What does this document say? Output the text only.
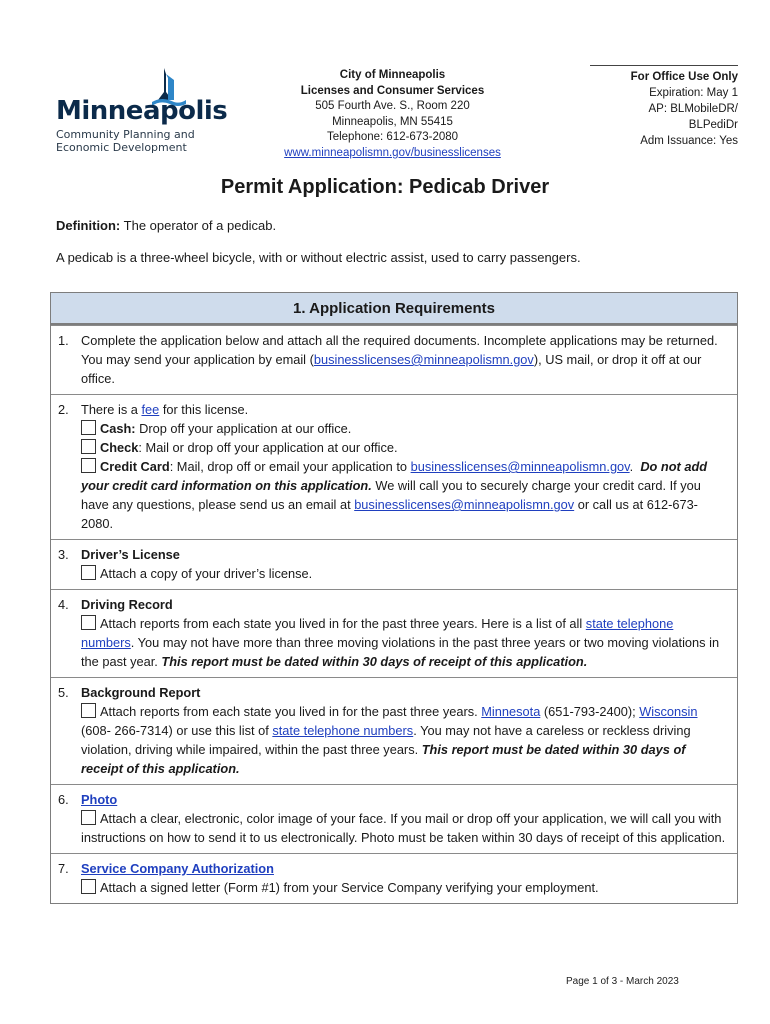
Minneapolis
Community Planning and
Economic Development
City of Minneapolis
Licenses and Consumer Services
505 Fourth Ave. S., Room 220
Minneapolis, MN 55415
Telephone: 612-673-2080
www.minneapolismn.gov/businesslicenses
For Office Use Only
Expiration: May 1
AP: BLMobileDR/
BLPediDr
Adm Issuance: Yes
Permit Application: Pedicab Driver
Definition: The operator of a pedicab.
A pedicab is a three-wheel bicycle, with or without electric assist, used to carry passengers.
1. Application Requirements
1. Complete the application below and attach all the required documents. Incomplete applications may be returned. You may send your application by email (businesslicenses@minneapolismn.gov), US mail, or drop it off at our office.
2. There is a fee for this license.
Cash: Drop off your application at our office.
Check: Mail or drop off your application at our office.
Credit Card: Mail, drop off or email your application to businesslicenses@minneapolismn.gov.  Do not add your credit card information on this application. We will call you to securely charge your credit card. If you have any questions, please send us an email at businesslicenses@minneapolismn.gov or call us at 612-673-2080.
3. Driver’s License
Attach a copy of your driver’s license.
4. Driving Record
Attach reports from each state you lived in for the past three years. Here is a list of all state telephone numbers. You may not have more than three moving violations in the past three years or two moving violations in the past year. This report must be dated within 30 days of receipt of this application.
5. Background Report
Attach reports from each state you lived in for the past three years. Minnesota (651-793-2400); Wisconsin (608- 266-7314) or use this list of state telephone numbers. You may not have a careless or reckless driving violation, driving while impaired, within the past three years. This report must be dated within 30 days of receipt of this application.
6. Photo
Attach a clear, electronic, color image of your face. If you mail or drop off your application, we will call you with instructions on how to send it to us electronically. Photo must be taken within 30 days of receipt of this application.
7. Service Company Authorization
Attach a signed letter (Form #1) from your Service Company verifying your employment.
Page 1 of 3 - March 2023
